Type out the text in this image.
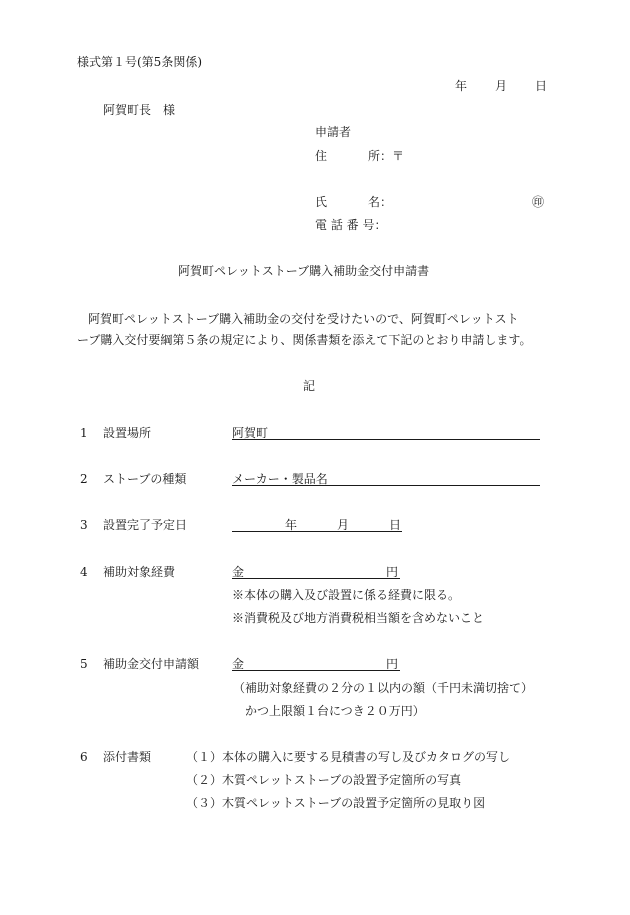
様式第１号(第5条関係)
年 月 日
阿賀町長　様
申請者
住	所：〒
氏	名：	㊞
電 話 番 号：
阿賀町ペレットストーブ購入補助金交付申請書
阿賀町ペレットストーブ購入補助金の交付を受けたいので、阿賀町ペレットスト
ーブ購入交付要綱第５条の規定により、関係書類を添えて下記のとおり申請します。
記
1 設置場所	阿賀町
2 ストーブの種類	メーカー・製品名
3 設置完了予定日	年	月	日
4 補助対象経費	金	円
※本体の購入及び設置に係る経費に限る。
※消費税及び地方消費税相当額を含めないこと
5 補助金交付申請額	金	円
（補助対象経費の２分の１以内の額（千円未満切捨て）
かつ上限額１台につき２０万円）
6 添付書類	（１）本体の購入に要する見積書の写し及びカタログの写し
（２）木質ペレットストーブの設置予定箇所の写真
（３）木質ペレットストーブの設置予定箇所の見取り図
